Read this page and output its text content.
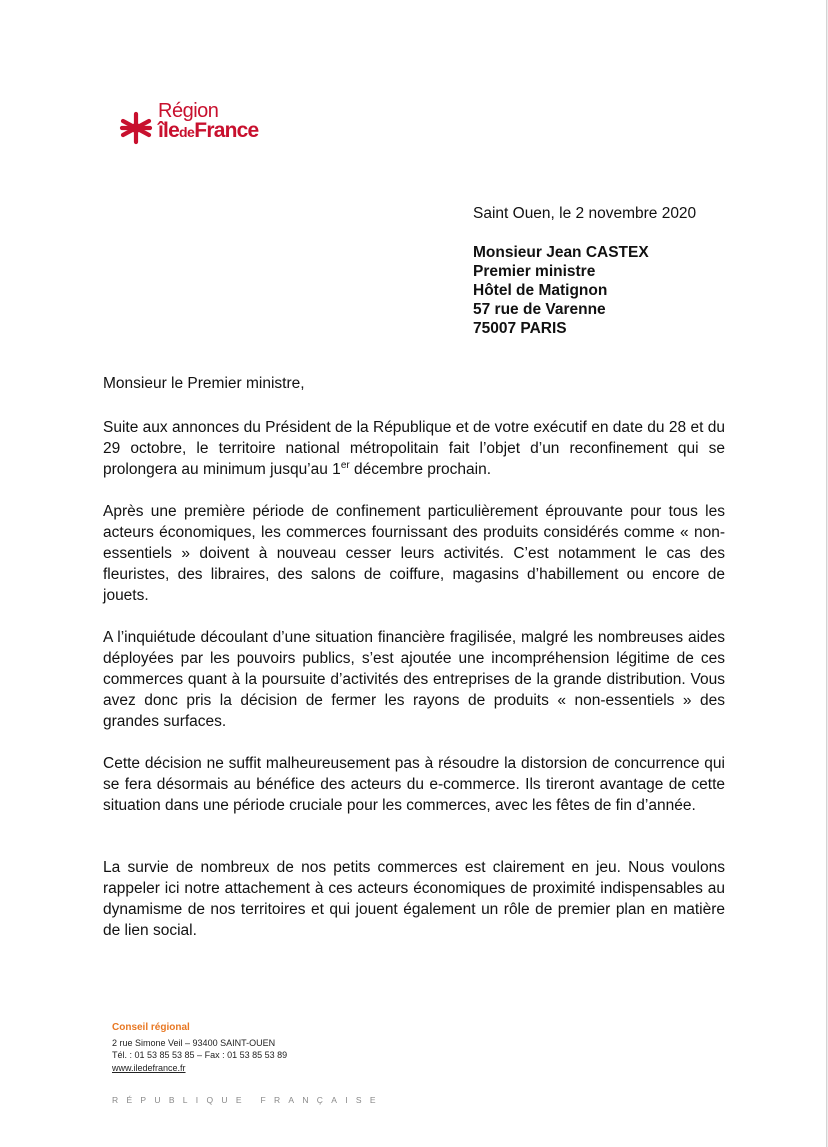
Région
îledeFrance
Saint Ouen, le 2 novembre 2020
Monsieur Jean CASTEX
Premier ministre
Hôtel de Matignon
57 rue de Varenne
75007 PARIS
Monsieur le Premier ministre,

Suite aux annonces du Président de la République et de votre exécutif en date du 28 et du 29 octobre, le territoire national métropolitain fait l’objet d’un reconfinement qui se prolongera au minimum jusqu’au 1er décembre prochain.

Après une première période de confinement particulièrement éprouvante pour tous les acteurs économiques, les commerces fournissant des produits considérés comme « non-essentiels » doivent à nouveau cesser leurs activités. C’est notamment le cas des fleuristes, des libraires, des salons de coiffure, magasins d’habillement ou encore de jouets.

A l’inquiétude découlant d’une situation financière fragilisée, malgré les nombreuses aides déployées par les pouvoirs publics, s’est ajoutée une incompréhension légitime de ces commerces quant à la poursuite d’activités des entreprises de la grande distribution. Vous avez donc pris la décision de fermer les rayons de produits « non-essentiels » des grandes surfaces.

Cette décision ne suffit malheureusement pas à résoudre la distorsion de concurrence qui se fera désormais au bénéfice des acteurs du e-commerce. Ils tireront avantage de cette situation dans une période cruciale pour les commerces, avec les fêtes de fin d’année.

La survie de nombreux de nos petits commerces est clairement en jeu. Nous voulons rappeler ici notre attachement à ces acteurs économiques de proximité indispensables au dynamisme de nos territoires et qui jouent également un rôle de premier plan en matière de lien social.

Conseil régional
2 rue Simone Veil – 93400 SAINT-OUEN
Tél. : 01 53 85 53 85 – Fax : 01 53 85 53 89
www.iledefrance.fr
RÉPUBLIQUE FRANÇAISE
